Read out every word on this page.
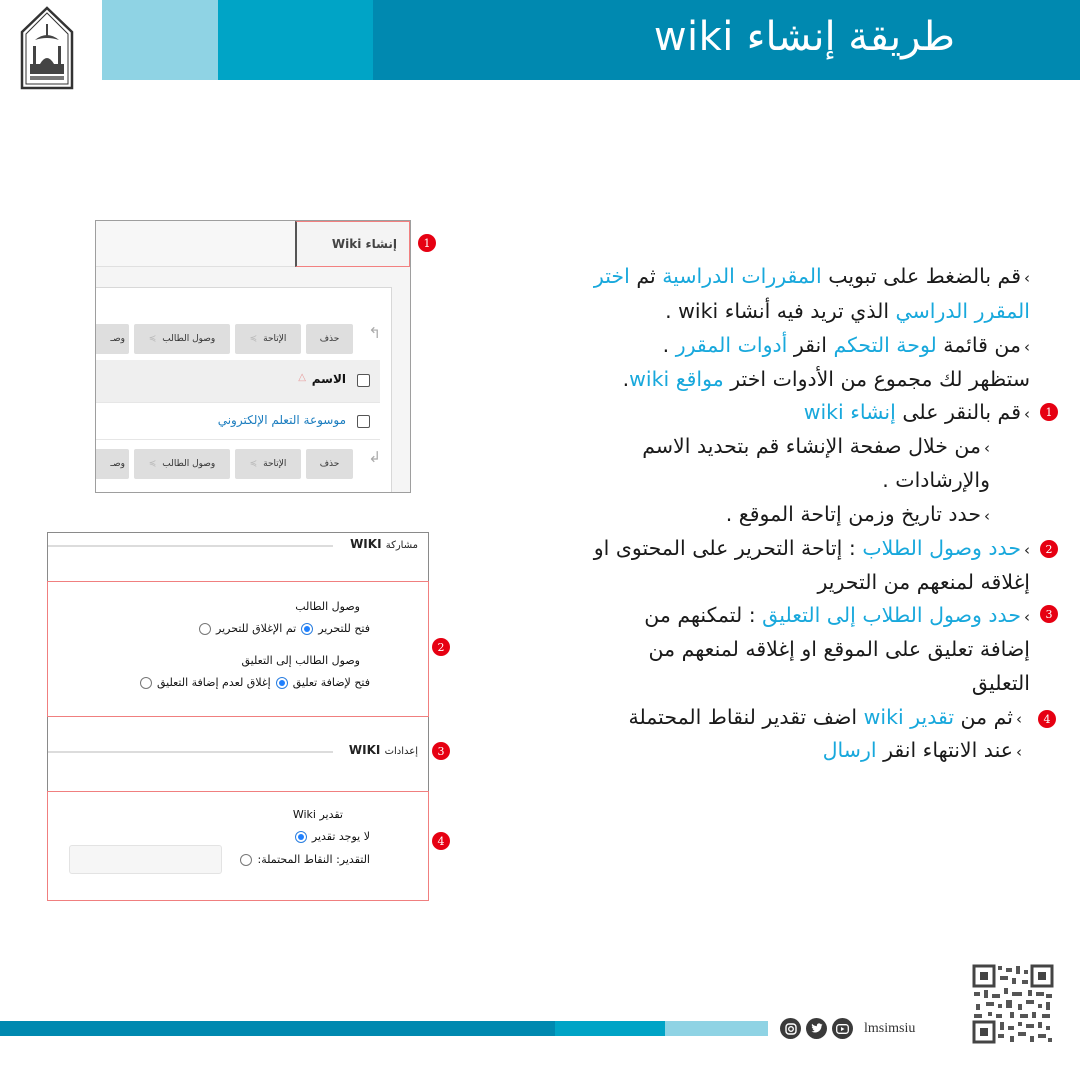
طريقة إنشاء wiki
إنشاء Wiki
↰
حذف
الإتاحة
≽
وصول الطالب
≽
وصـ
الاسم
△
موسوعة التعلم الإلكتروني
↲
حذف
الإتاحة
≽
وصول الطالب
≽
وصـ
1
مشاركة WIKI
وصول الطالب
تم الإغلاق للتحرير فتح للتحرير
وصول الطالب إلى التعليق
إغلاق لعدم إضافة التعليق فتح لإضافة تعليق
إعدادات WIKI
تقدير Wiki
لا يوجد تقدير
التقدير: النقاط المحتملة:
2
3
4
›قم بالضغط على تبويب المقررات الدراسية ثم اختر
المقرر الدراسي الذي تريد فيه أنشاء wiki .
›من قائمة لوحة التحكم انقر أدوات المقرر .
ستظهر لك مجموع من الأدوات اختر مواقع wiki.
›قم بالنقر على إنشاء wiki
›من خلال صفحة الإنشاء قم بتحديد الاسم
والإرشادات .
›حدد تاريخ وزمن إتاحة الموقع .
›حدد وصول الطلاب : إتاحة التحرير على المحتوى او
إغلاقه لمنعهم من التحرير
›حدد وصول الطلاب إلى التعليق : لتمكنهم من
إضافة تعليق على الموقع او إغلاقه لمنعهم من
التعليق
›ثم من تقدير wiki اضف تقدير لنقاط المحتملة
›عند الانتهاء انقر ارسال
1
2
3
4
lmsimsiu
